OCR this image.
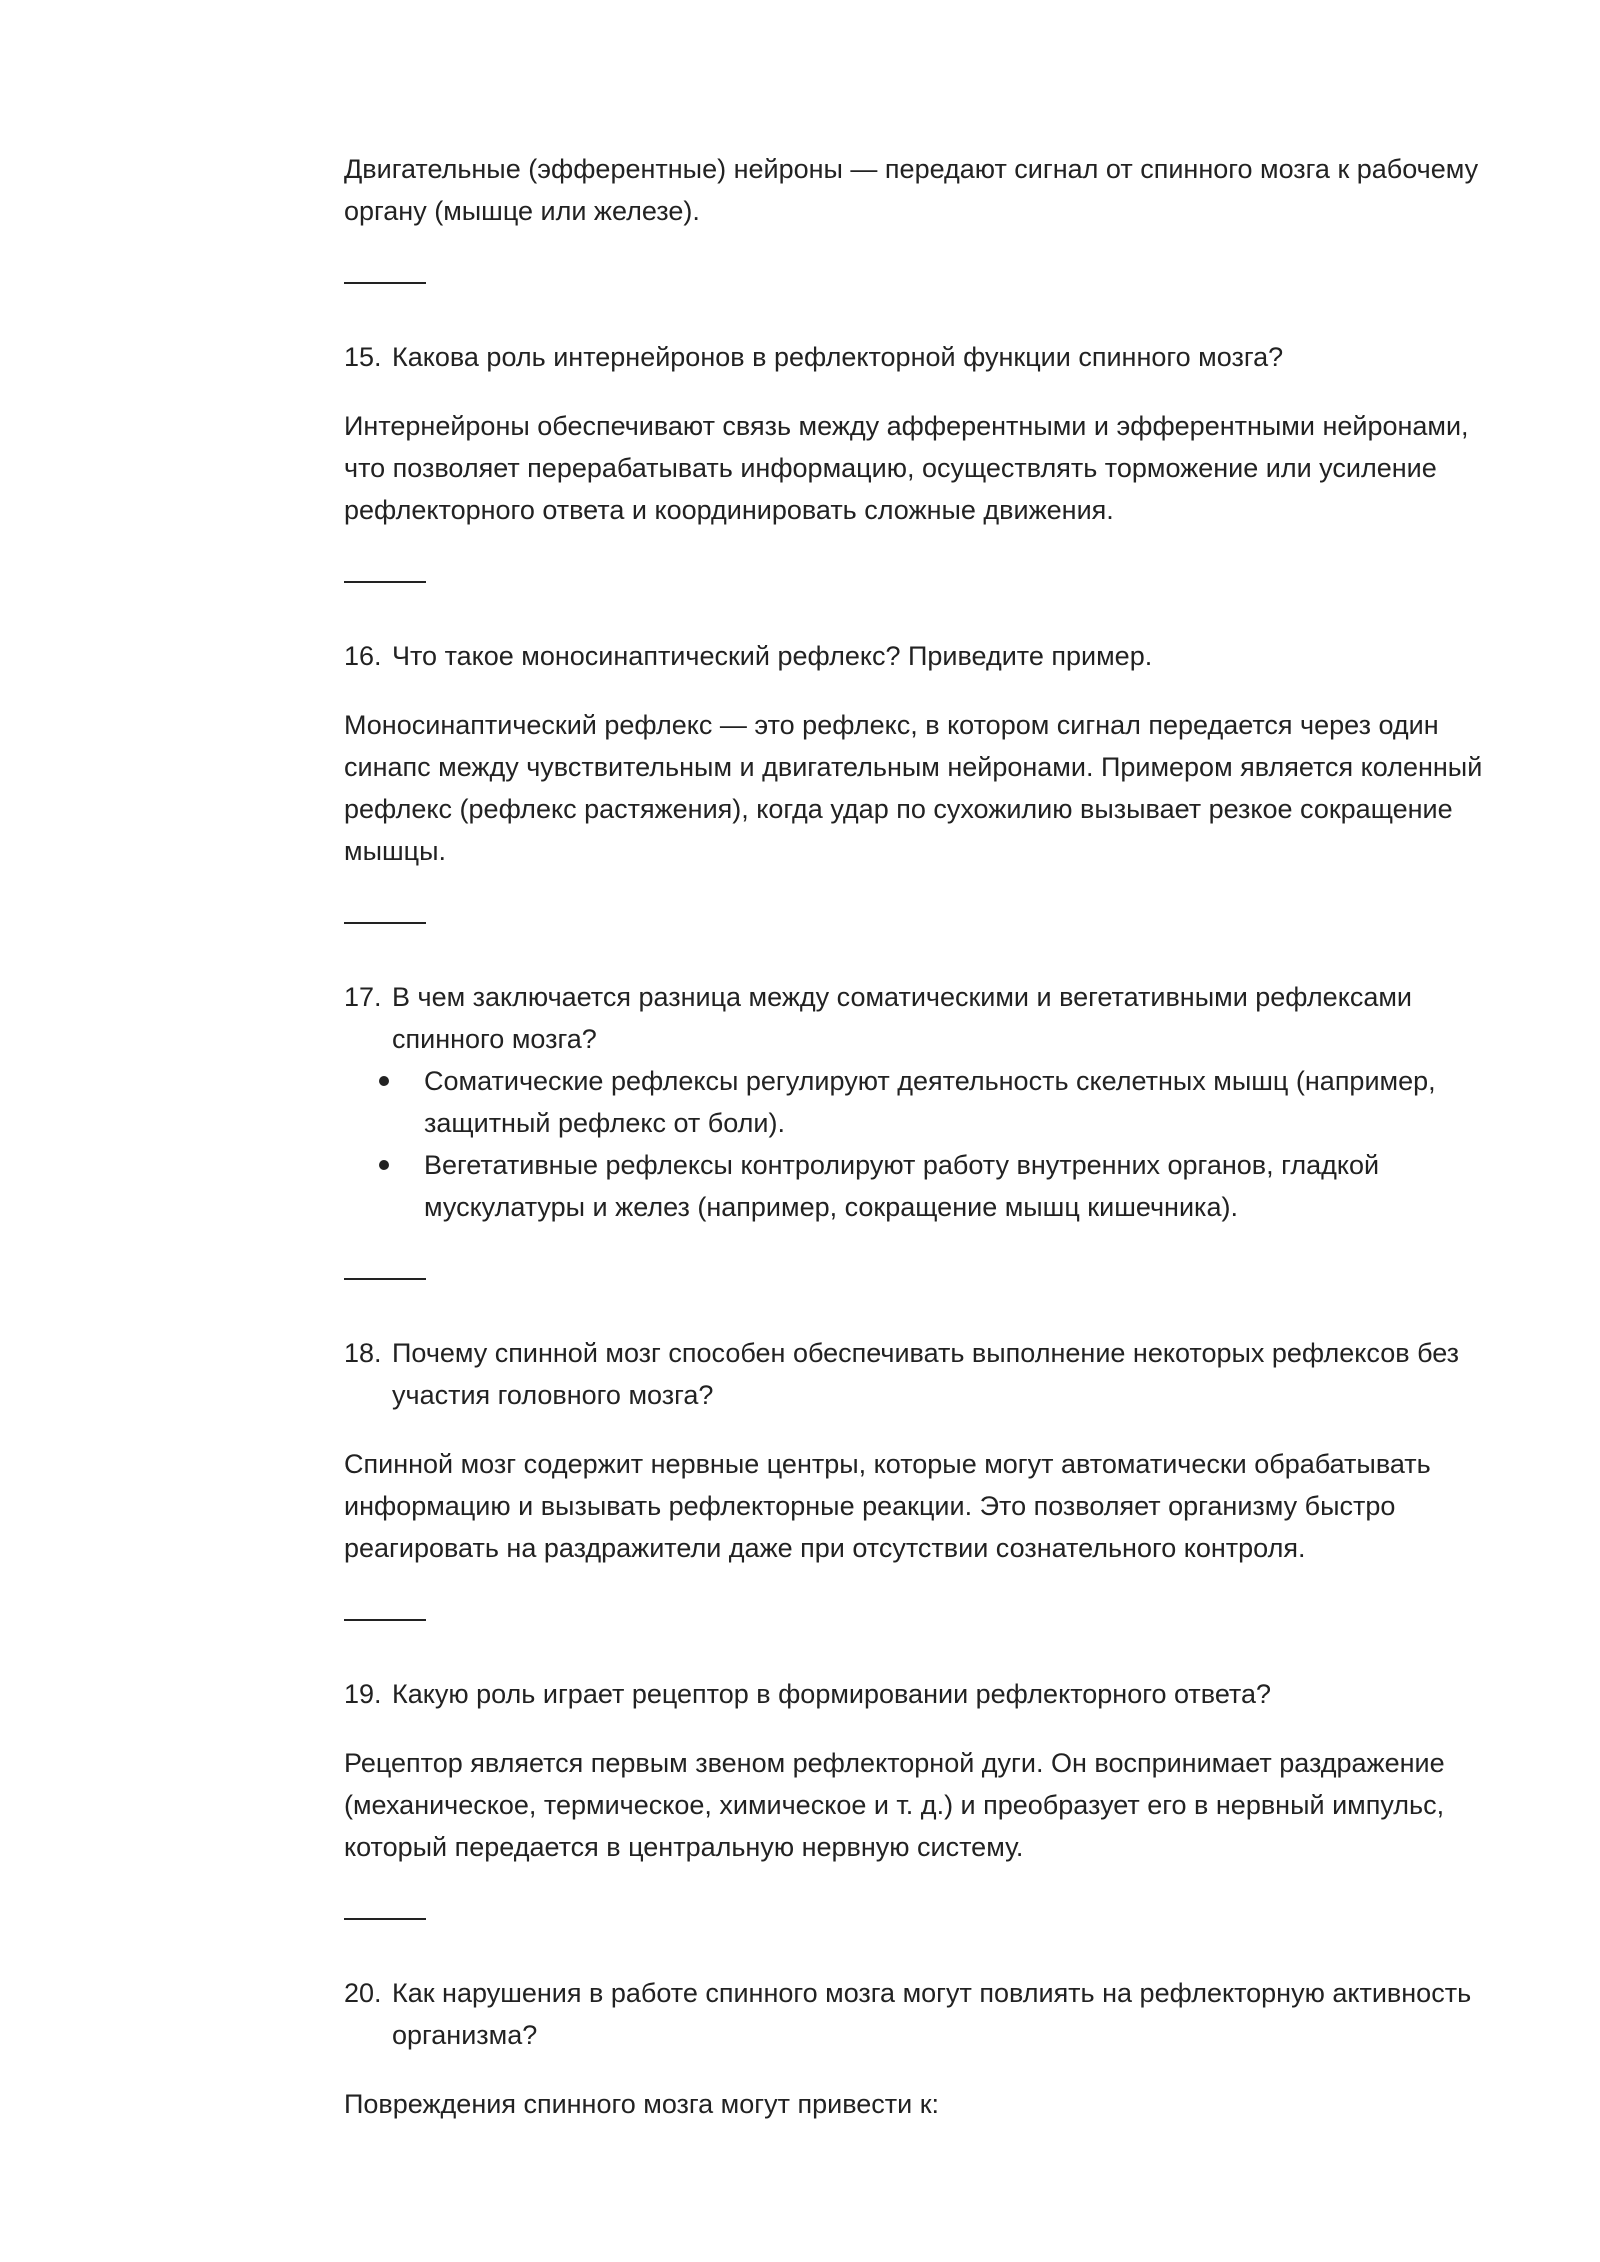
Двигательные (эфферентные) нейроны — передают сигнал от спинного мозга к рабочему органу (мышце или железе).

15. Какова роль интернейронов в рефлекторной функции спинного мозга?

Интернейроны обеспечивают связь между афферентными и эфферентными нейронами, что позволяет перерабатывать информацию, осуществлять торможение или усиление рефлекторного ответа и координировать сложные движения.

16. Что такое моносинаптический рефлекс? Приведите пример.

Моносинаптический рефлекс — это рефлекс, в котором сигнал передается через один синапс между чувствительным и двигательным нейронами. Примером является коленный рефлекс (рефлекс растяжения), когда удар по сухожилию вызывает резкое сокращение мышцы.

17. В чем заключается разница между соматическими и вегетативными рефлексами спинного мозга?
Соматические рефлексы регулируют деятельность скелетных мышц (например, защитный рефлекс от боли).
Вегетативные рефлексы контролируют работу внутренних органов, гладкой мускулатуры и желез (например, сокращение мышц кишечника).
18. Почему спинной мозг способен обеспечивать выполнение некоторых рефлексов без участия головного мозга?

Спинной мозг содержит нервные центры, которые могут автоматически обрабатывать информацию и вызывать рефлекторные реакции. Это позволяет организму быстро реагировать на раздражители даже при отсутствии сознательного контроля.

19. Какую роль играет рецептор в формировании рефлекторного ответа?

Рецептор является первым звеном рефлекторной дуги. Он воспринимает раздражение (механическое, термическое, химическое и т. д.) и преобразует его в нервный импульс, который передается в центральную нервную систему.

20. Как нарушения в работе спинного мозга могут повлиять на рефлекторную активность организма?

Повреждения спинного мозга могут привести к:
